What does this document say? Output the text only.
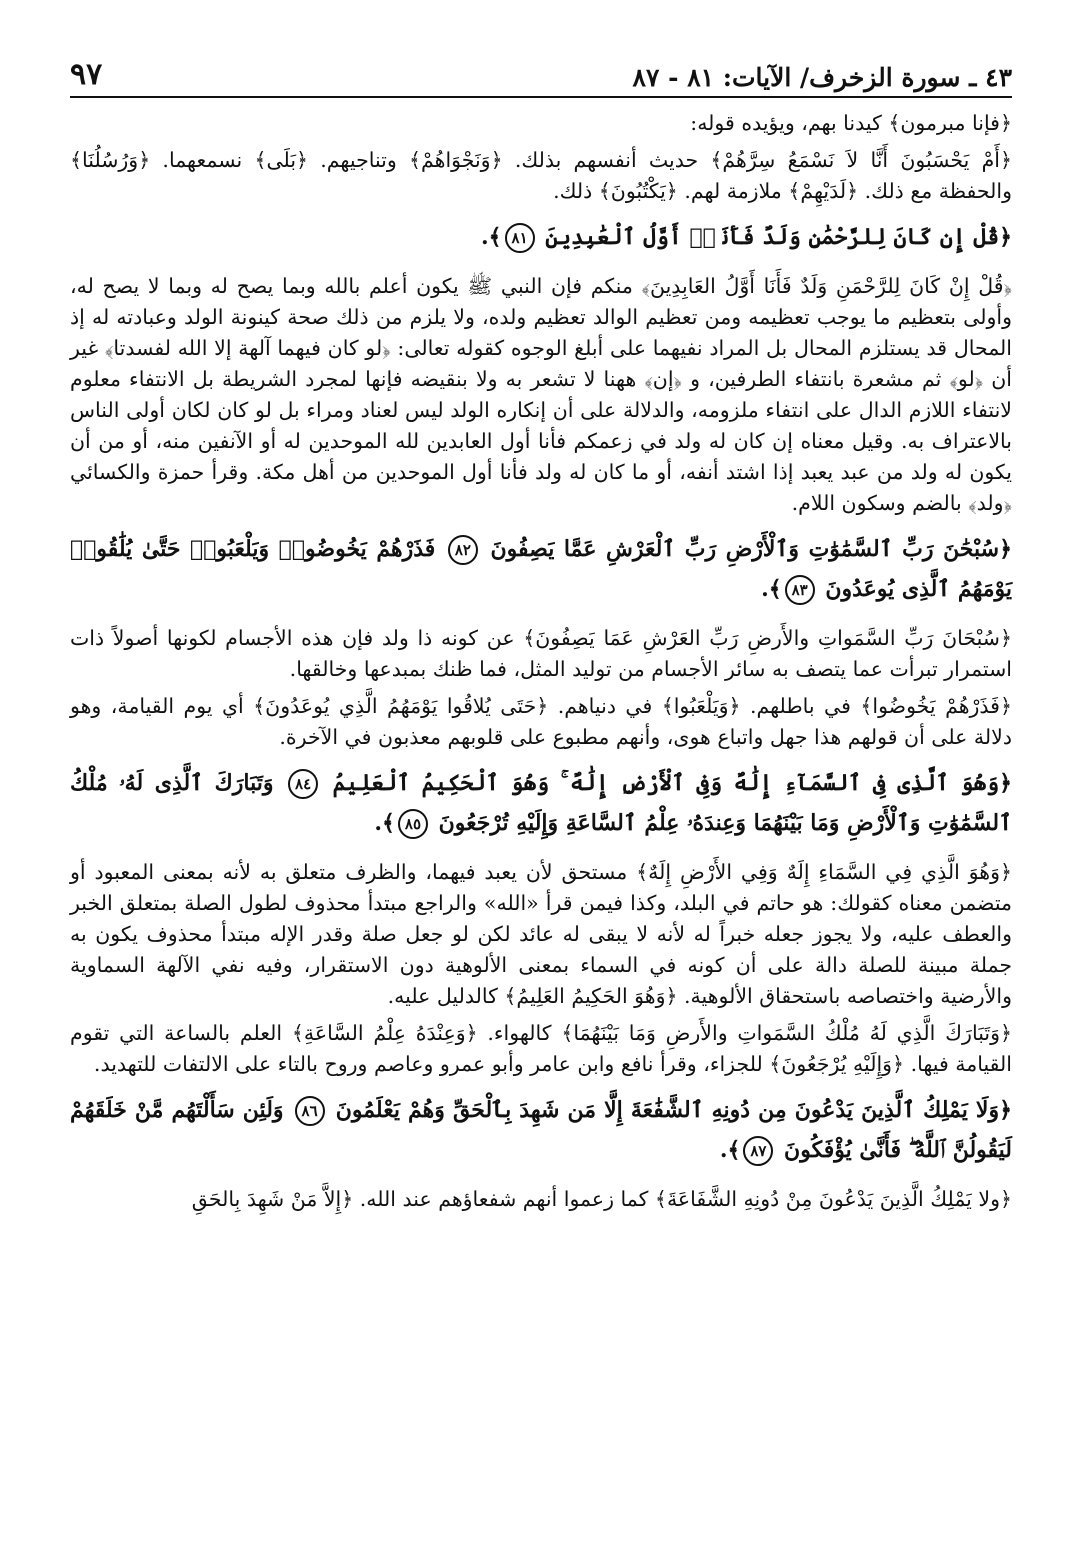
٤٣ ـ سورة الزخرف/ الآيات: ٨١ - ٨٧
٩٧

﴿فإنا مبرمون﴾ كيدنا بهم، ويؤيده قوله:

﴿أَمْ يَحْسَبُونَ أَنَّا لاَ نَسْمَعُ سِرَّهُمْ﴾ حديث أنفسهم بذلك. ﴿وَنَجْوَاهُمْ﴾ وتناجيهم. ﴿بَلَى﴾ نسمعهما. ﴿وَرُسُلُنَا﴾ والحفظة مع ذلك. ﴿لَدَيْهِمْ﴾ ملازمة لهم. ﴿يَكْتُبُونَ﴾ ذلك.

﴿قُلْ إِن كَانَ لِلرَّحْمَٰنِ وَلَدٌ فَأَنَا۠ أَوَّلُ ٱلْعَٰبِدِينَ ٨١﴾.

﴿قُلْ إِنْ كَانَ لِلرَّحْمَنِ وَلَدٌ فَأَنَا أَوَّلُ العَابِدِينَ﴾ منكم فإن النبي ﷺ يكون أعلم بالله وبما يصح له وبما لا يصح له، وأولى بتعظيم ما يوجب تعظيمه ومن تعظيم الوالد تعظيم ولده، ولا يلزم من ذلك صحة كينونة الولد وعبادته له إذ المحال قد يستلزم المحال بل المراد نفيهما على أبلغ الوجوه كقوله تعالى: ﴿لو كان فيهما آلهة إلا الله لفسدتا﴾ غير أن ﴿لو﴾ ثم مشعرة بانتفاء الطرفين، و ﴿إن﴾ ههنا لا تشعر به ولا بنقيضه فإنها لمجرد الشريطة بل الانتفاء معلوم لانتفاء اللازم الدال على انتفاء ملزومه، والدلالة على أن إنكاره الولد ليس لعناد ومراء بل لو كان لكان أولى الناس بالاعتراف به. وقيل معناه إن كان له ولد في زعمكم فأنا أول العابدين لله الموحدين له أو الآنفين منه، أو من أن يكون له ولد من عبد يعبد إذا اشتد أنفه، أو ما كان له ولد فأنا أول الموحدين من أهل مكة. وقرأ حمزة والكسائي ﴿ولد﴾ بالضم وسكون اللام.

﴿سُبْحَٰنَ رَبِّ ٱلسَّمَٰوَٰتِ وَٱلْأَرْضِ رَبِّ ٱلْعَرْشِ عَمَّا يَصِفُونَ ٨٢ فَذَرْهُمْ يَخُوضُوا۟ وَيَلْعَبُوا۟ حَتَّىٰ يُلَٰقُوا۟ يَوْمَهُمُ ٱلَّذِى يُوعَدُونَ ٨٣﴾.

﴿سُبْحَانَ رَبِّ السَّمَواتِ والأَرضِ رَبِّ العَرْشِ عَمَا يَصِفُونَ﴾ عن كونه ذا ولد فإن هذه الأجسام لكونها أصولاً ذات استمرار تبرأت عما يتصف به سائر الأجسام من توليد المثل، فما ظنك بمبدعها وخالقها.

﴿فَذَرْهُمْ يَخُوضُوا﴾ في باطلهم. ﴿وَيَلْعَبُوا﴾ في دنياهم. ﴿حَتَى يُلاقُوا يَوْمَهُمُ الَّذِي يُوعَدُونَ﴾ أي يوم القيامة، وهو دلالة على أن قولهم هذا جهل واتباع هوى، وأنهم مطبوع على قلوبهم معذبون في الآخرة.

﴿وَهُوَ ٱلَّذِى فِى ٱلسَّمَآءِ إِلَٰهٌ وَفِى ٱلْأَرْضِ إِلَٰهٌ ۚ وَهُوَ ٱلْحَكِيمُ ٱلْعَلِيمُ ٨٤ وَتَبَارَكَ ٱلَّذِى لَهُۥ مُلْكُ ٱلسَّمَٰوَٰتِ وَٱلْأَرْضِ وَمَا بَيْنَهُمَا وَعِندَهُۥ عِلْمُ ٱلسَّاعَةِ وَإِلَيْهِ تُرْجَعُونَ ٨٥﴾.

﴿وَهُوَ الَّذِي فِي السَّمَاءِ إِلَهٌ وَفِي الأَرْضِ إِلَهٌ﴾ مستحق لأن يعبد فيهما، والظرف متعلق به لأنه بمعنى المعبود أو متضمن معناه كقولك: هو حاتم في البلد، وكذا فيمن قرأ «الله» والراجع مبتدأ محذوف لطول الصلة بمتعلق الخبر والعطف عليه، ولا يجوز جعله خبراً له لأنه لا يبقى له عائد لكن لو جعل صلة وقدر الإله مبتدأ محذوف يكون به جملة مبينة للصلة دالة على أن كونه في السماء بمعنى الألوهية دون الاستقرار، وفيه نفي الآلهة السماوية والأرضية واختصاصه باستحقاق الألوهية. ﴿وَهُوَ الحَكِيمُ العَلِيمُ﴾ كالدليل عليه.

﴿وَتَبَارَكَ الَّذِي لَهُ مُلْكُ السَّمَواتِ والأَرضِ وَمَا بَيْنَهُمَا﴾ كالهواء. ﴿وَعِنْدَهُ عِلْمُ السَّاعَةِ﴾ العلم بالساعة التي تقوم القيامة فيها. ﴿وَإِلَيْهِ يُرْجَعُونَ﴾ للجزاء، وقرأ نافع وابن عامر وأبو عمرو وعاصم وروح بالتاء على الالتفات للتهديد.

﴿وَلَا يَمْلِكُ ٱلَّذِينَ يَدْعُونَ مِن دُونِهِ ٱلشَّفَٰعَةَ إِلَّا مَن شَهِدَ بِٱلْحَقِّ وَهُمْ يَعْلَمُونَ ٨٦ وَلَئِن سَأَلْتَهُم مَّنْ خَلَقَهُمْ لَيَقُولُنَّ ٱللَّهُ ۖ فَأَنَّىٰ يُؤْفَكُونَ ٨٧﴾.

﴿ولا يَمْلِكُ الَّذِينَ يَدْعُونَ مِنْ دُونِهِ الشَّفَاعَةَ﴾ كما زعموا أنهم شفعاؤهم عند الله. ﴿إِلاَّ مَنْ شَهِدَ بِالحَقِ
